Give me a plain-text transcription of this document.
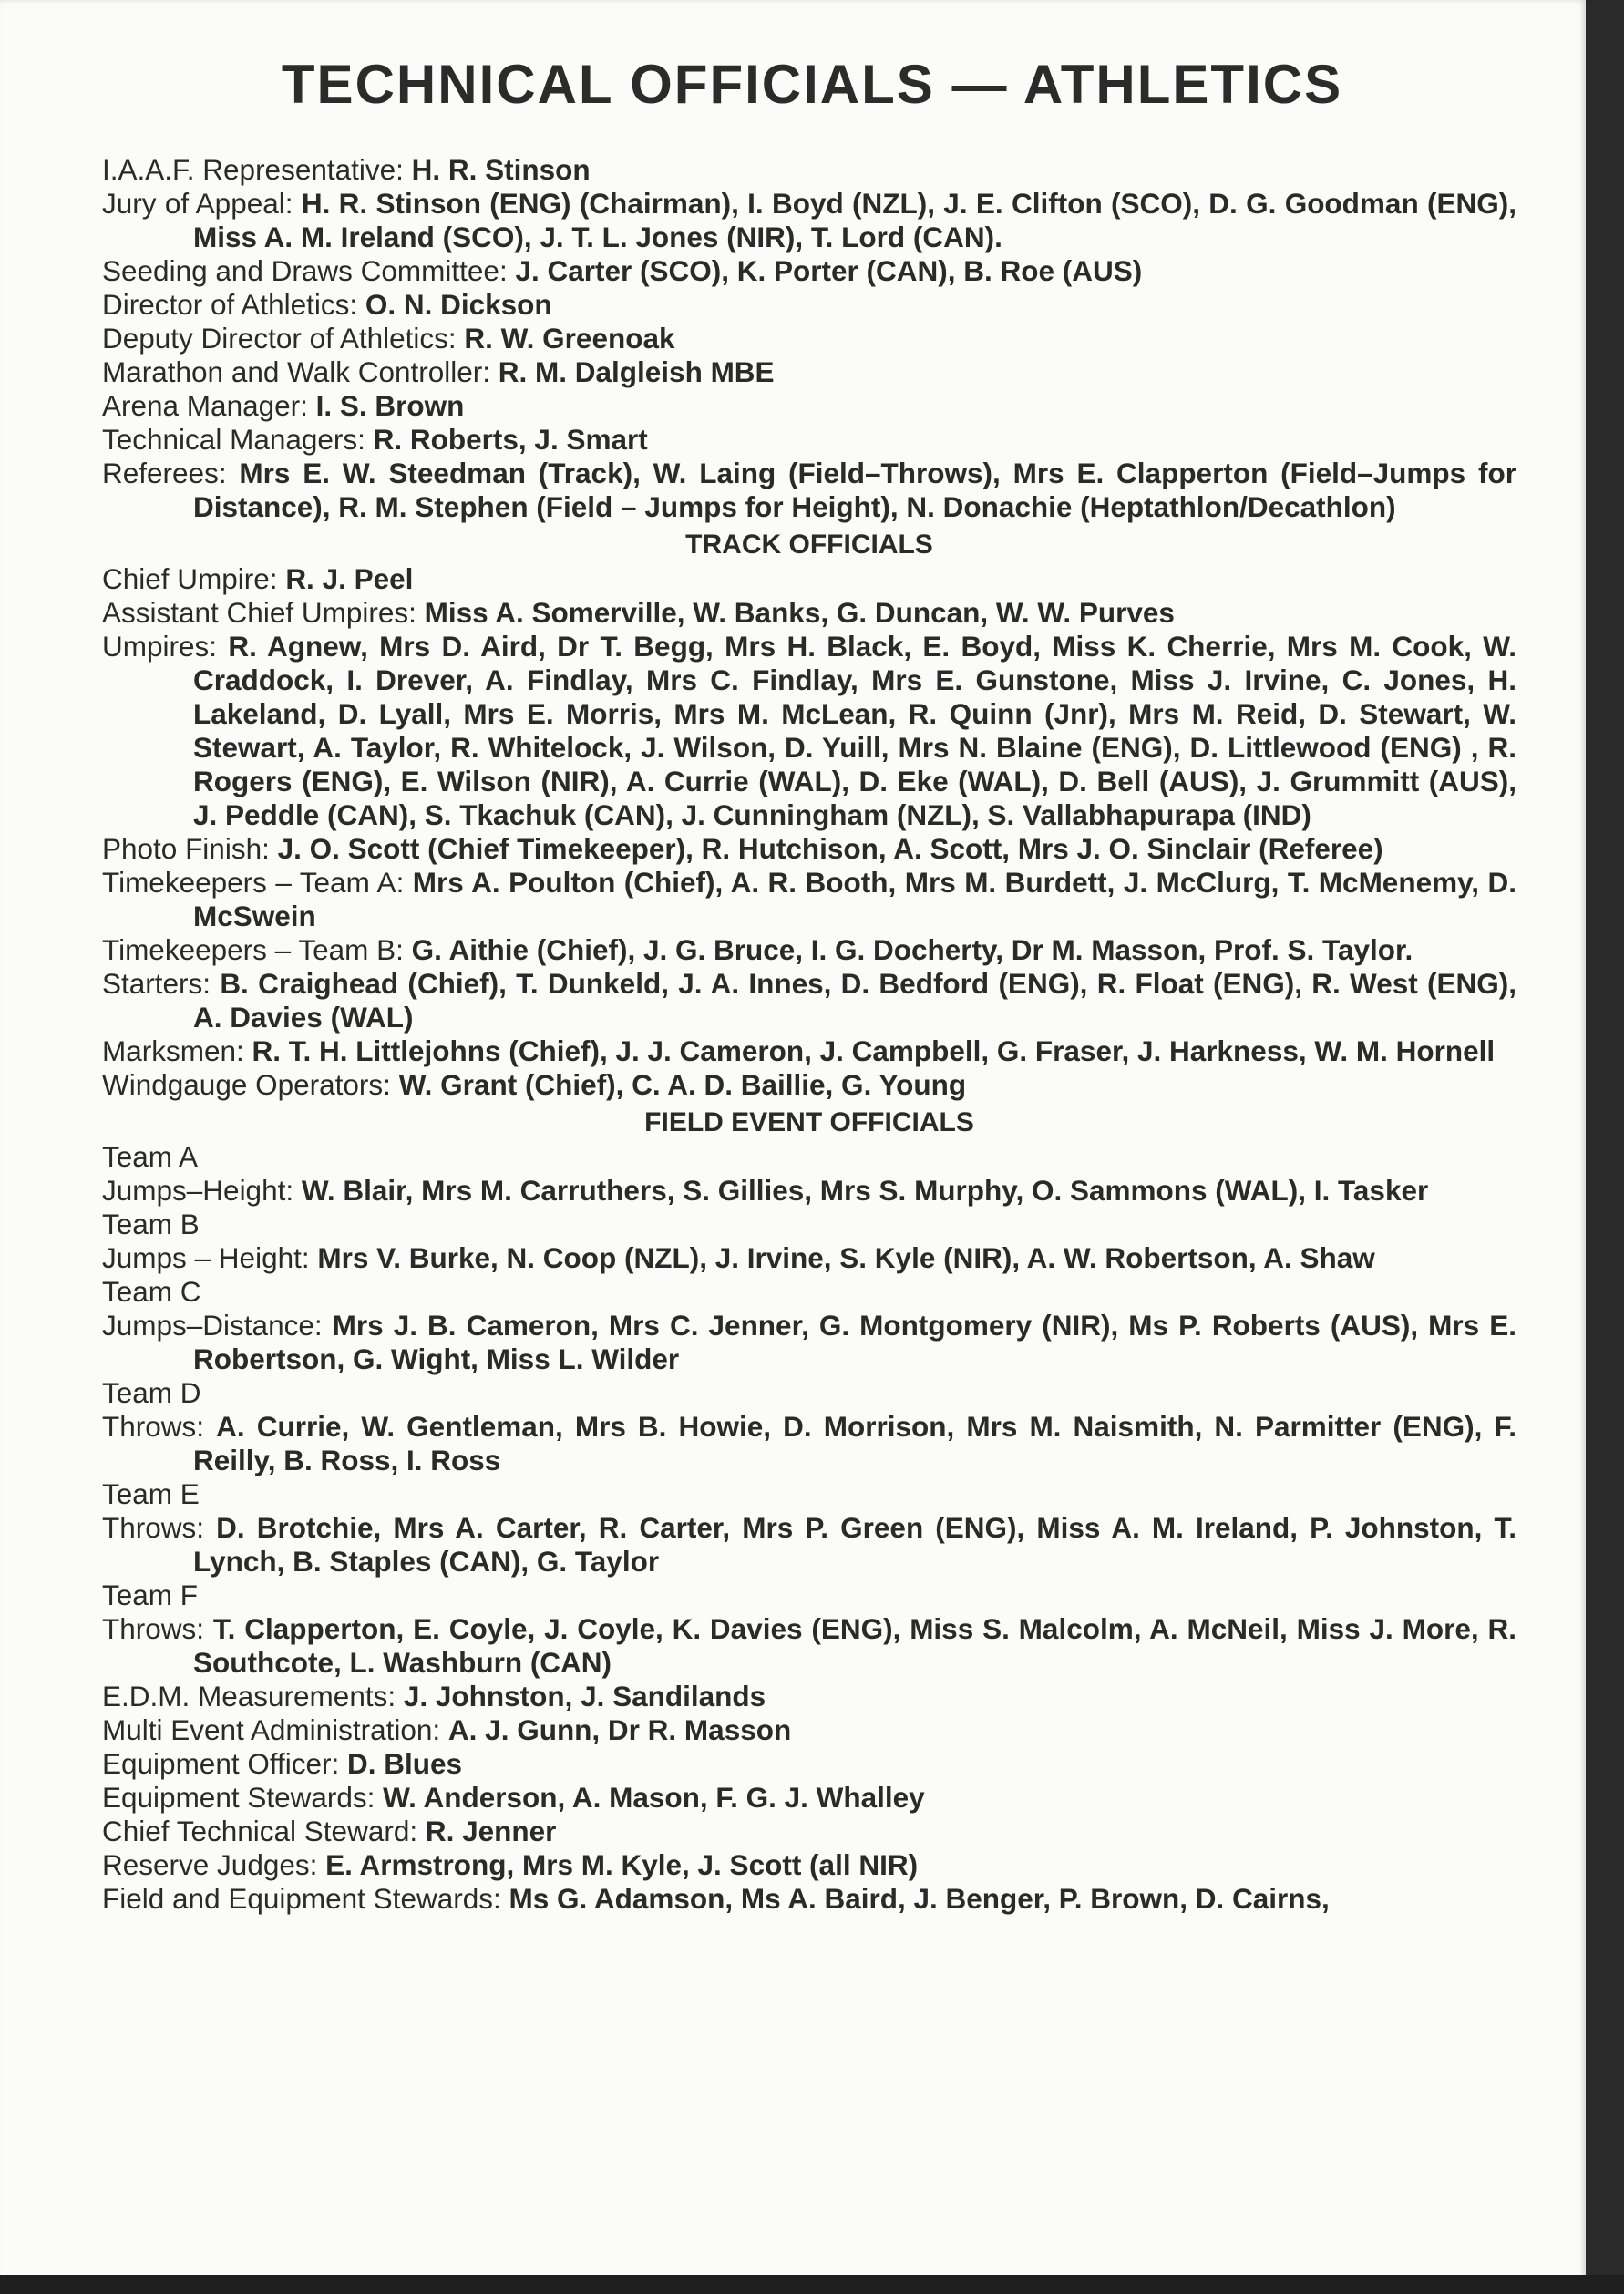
TECHNICAL OFFICIALS — ATHLETICS

I.A.A.F. Representative: H. R. Stinson

Jury of Appeal: H. R. Stinson (ENG) (Chairman), I. Boyd (NZL), J. E. Clifton (SCO), D. G. Goodman (ENG), Miss A. M. Ireland (SCO), J. T. L. Jones (NIR), T. Lord (CAN).

Seeding and Draws Committee: J. Carter (SCO), K. Porter (CAN), B. Roe (AUS)

Director of Athletics: O. N. Dickson

Deputy Director of Athletics: R. W. Greenoak

Marathon and Walk Controller: R. M. Dalgleish MBE

Arena Manager: I. S. Brown

Technical Managers: R. Roberts, J. Smart

Referees: Mrs E. W. Steedman (Track), W. Laing (Field–Throws), Mrs E. Clapperton (Field–Jumps for Distance), R. M. Stephen (Field – Jumps for Height), N. Donachie (Heptathlon/Decathlon)

TRACK OFFICIALS

Chief Umpire: R. J. Peel

Assistant Chief Umpires: Miss A. Somerville, W. Banks, G. Duncan, W. W. Purves

Umpires: R. Agnew, Mrs D. Aird, Dr T. Begg, Mrs H. Black, E. Boyd, Miss K. Cherrie, Mrs M. Cook, W. Craddock, I. Drever, A. Findlay, Mrs C. Findlay, Mrs E. Gunstone, Miss J. Irvine, C. Jones, H. Lakeland, D. Lyall, Mrs E. Morris, Mrs M. McLean, R. Quinn (Jnr), Mrs M. Reid, D. Stewart, W. Stewart, A. Taylor, R. Whitelock, J. Wilson, D. Yuill, Mrs N. Blaine (ENG), D. Littlewood (ENG) , R. Rogers (ENG), E. Wilson (NIR), A. Currie (WAL), D. Eke (WAL), D. Bell (AUS), J. Grummitt (AUS), J. Peddle (CAN), S. Tkachuk (CAN), J. Cunningham (NZL), S. Vallabhapurapa (IND)

Photo Finish: J. O. Scott (Chief Timekeeper), R. Hutchison, A. Scott, Mrs J. O. Sinclair (Referee)

Timekeepers – Team A: Mrs A. Poulton (Chief), A. R. Booth, Mrs M. Burdett, J. McClurg, T. McMenemy, D. McSwein

Timekeepers – Team B: G. Aithie (Chief), J. G. Bruce, I. G. Docherty, Dr M. Masson, Prof. S. Taylor.

Starters: B. Craighead (Chief), T. Dunkeld, J. A. Innes, D. Bedford (ENG), R. Float (ENG), R. West (ENG), A. Davies (WAL)

Marksmen: R. T. H. Littlejohns (Chief), J. J. Cameron, J. Campbell, G. Fraser, J. Harkness, W. M. Hornell

Windgauge Operators: W. Grant (Chief), C. A. D. Baillie, G. Young

FIELD EVENT OFFICIALS

Team A

Jumps–Height: W. Blair, Mrs M. Carruthers, S. Gillies, Mrs S. Murphy, O. Sammons (WAL), I. Tasker

Team B

Jumps – Height: Mrs V. Burke, N. Coop (NZL), J. Irvine, S. Kyle (NIR), A. W. Robertson, A. Shaw

Team C

Jumps–Distance: Mrs J. B. Cameron, Mrs C. Jenner, G. Montgomery (NIR), Ms P. Roberts (AUS), Mrs E. Robertson, G. Wight, Miss L. Wilder

Team D

Throws: A. Currie, W. Gentleman, Mrs B. Howie, D. Morrison, Mrs M. Naismith, N. Parmitter (ENG), F. Reilly, B. Ross, I. Ross

Team E

Throws: D. Brotchie, Mrs A. Carter, R. Carter, Mrs P. Green (ENG), Miss A. M. Ireland, P. Johnston, T. Lynch, B. Staples (CAN), G. Taylor

Team F

Throws: T. Clapperton, E. Coyle, J. Coyle, K. Davies (ENG), Miss S. Malcolm, A. McNeil, Miss J. More, R. Southcote, L. Washburn (CAN)

E.D.M. Measurements: J. Johnston, J. Sandilands

Multi Event Administration: A. J. Gunn, Dr R. Masson

Equipment Officer: D. Blues

Equipment Stewards: W. Anderson, A. Mason, F. G. J. Whalley

Chief Technical Steward: R. Jenner

Reserve Judges: E. Armstrong, Mrs M. Kyle, J. Scott (all NIR)

Field and Equipment Stewards: Ms G. Adamson, Ms A. Baird, J. Benger, P. Brown, D. Cairns,
